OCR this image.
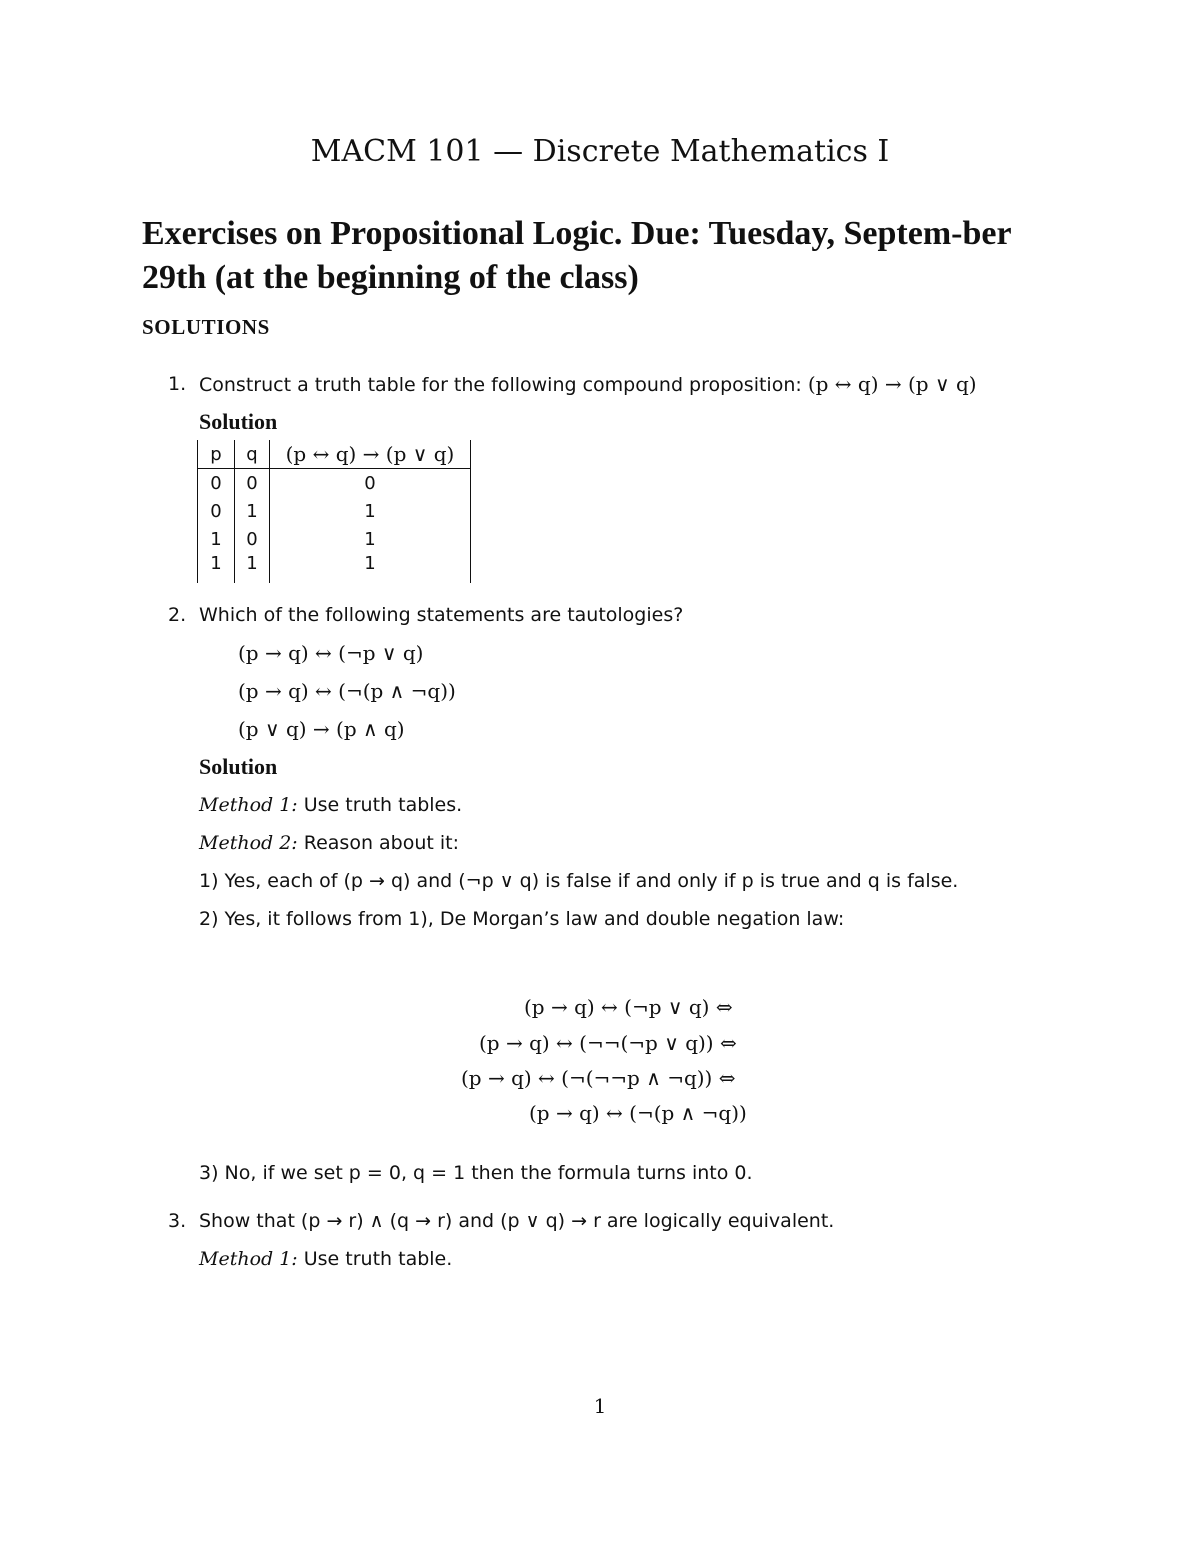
MACM 101 — Discrete Mathematics I
Exercises on Propositional Logic. Due: Tuesday, Septem-ber 29th (at the beginning of the class)
SOLUTIONS
1. Construct a truth table for the following compound proposition: (p ↔ q) → (p ∨ q)
Solution
p	q	(p ↔ q) → (p ∨ q)
0	0	0
0	1	1
1	0	1
1	1	1
2. Which of the following statements are tautologies?
(p → q) ↔ (¬p ∨ q)
(p → q) ↔ (¬(p ∧ ¬q))
(p ∨ q) → (p ∧ q)
Solution
Method 1: Use truth tables.
Method 2: Reason about it:
1) Yes, each of (p → q) and (¬p ∨ q) is false if and only if p is true and q is false.
2) Yes, it follows from 1), De Morgan’s law and double negation law:
(p → q) ↔ (¬p ∨ q) ⇔
(p → q) ↔ (¬¬(¬p ∨ q)) ⇔
(p → q) ↔ (¬(¬¬p ∧ ¬q)) ⇔
(p → q) ↔ (¬(p ∧ ¬q))
3) No, if we set p = 0, q = 1 then the formula turns into 0.
3. Show that (p → r) ∧ (q → r) and (p ∨ q) → r are logically equivalent.
Method 1: Use truth table.
1
